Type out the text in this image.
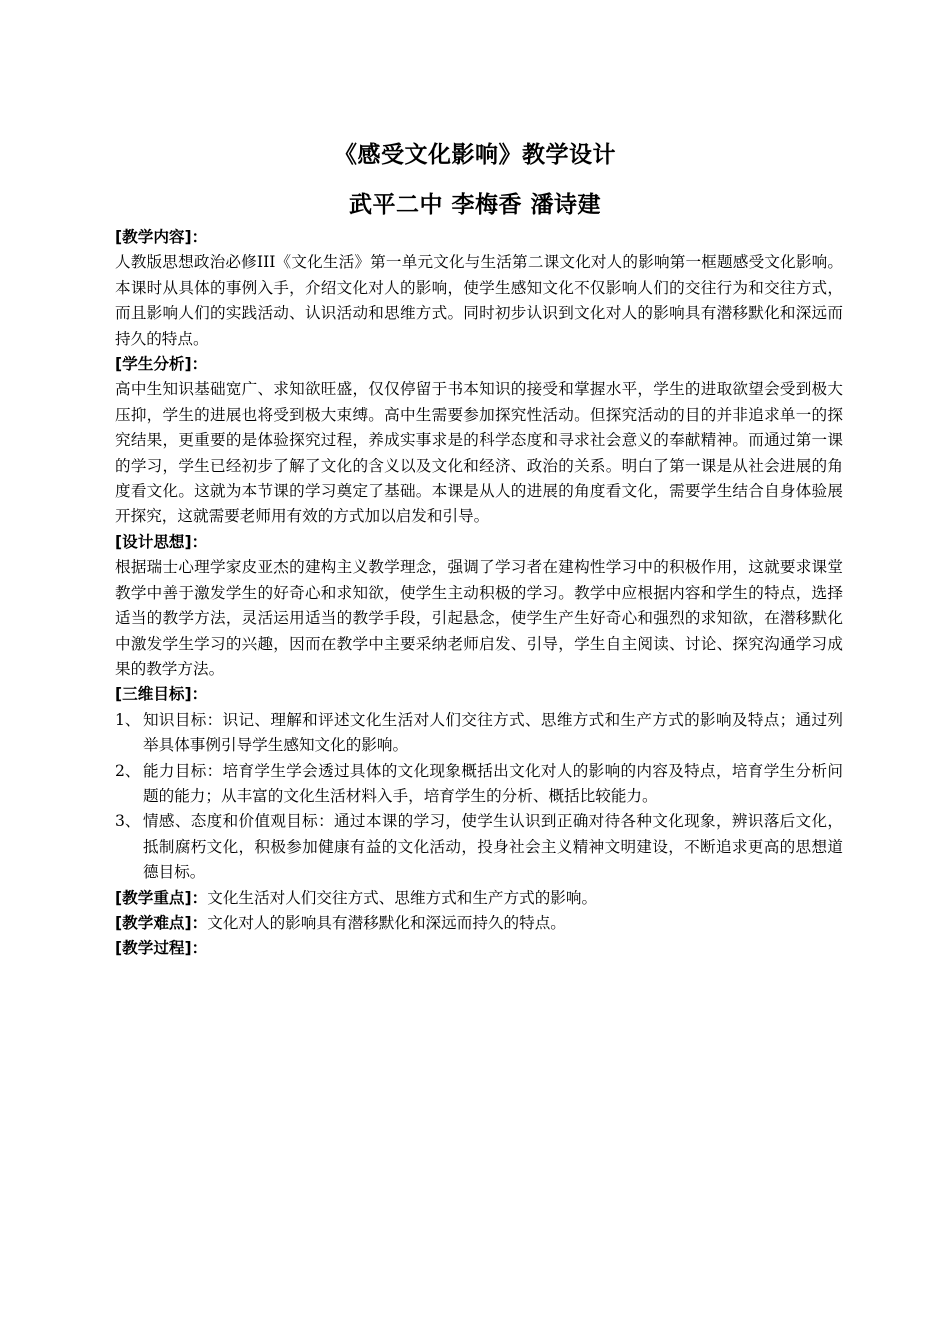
《感受文化影响》教学设计
武平二中 李梅香 潘诗建
[教学内容]：

人教版思想政治必修III《文化生活》第一单元文化与生活第二课文化对人的影响第一框题感受文化影响。本课时从具体的事例入手，介绍文化对人的影响，使学生感知文化不仅影响人们的交往行为和交往方式，而且影响人们的实践活动、认识活动和思维方式。同时初步认识到文化对人的影响具有潜移默化和深远而持久的特点。

[学生分析]：

高中生知识基础宽广、求知欲旺盛，仅仅停留于书本知识的接受和掌握水平，学生的进取欲望会受到极大压抑，学生的进展也将受到极大束缚。高中生需要参加探究性活动。但探究活动的目的并非追求单一的探究结果，更重要的是体验探究过程，养成实事求是的科学态度和寻求社会意义的奉献精神。而通过第一课的学习，学生已经初步了解了文化的含义以及文化和经济、政治的关系。明白了第一课是从社会进展的角度看文化。这就为本节课的学习奠定了基础。本课是从人的进展的角度看文化，需要学生结合自身体验展开探究，这就需要老师用有效的方式加以启发和引导。

[设计思想]：

根据瑞士心理学家皮亚杰的建构主义教学理念，强调了学习者在建构性学习中的积极作用，这就要求课堂教学中善于激发学生的好奇心和求知欲，使学生主动积极的学习。教学中应根据内容和学生的特点，选择适当的教学方法，灵活运用适当的教学手段，引起悬念，使学生产生好奇心和强烈的求知欲，在潜移默化中激发学生学习的兴趣，因而在教学中主要采纳老师启发、引导，学生自主阅读、讨论、探究沟通学习成果的教学方法。

[三维目标]：
1、 知识目标：识记、理解和评述文化生活对人们交往方式、思维方式和生产方式的影响及特点；通过列举具体事例引导学生感知文化的影响。
2、 能力目标：培育学生学会透过具体的文化现象概括出文化对人的影响的内容及特点，培育学生分析问题的能力；从丰富的文化生活材料入手，培育学生的分析、概括比较能力。
3、 情感、态度和价值观目标：通过本课的学习，使学生认识到正确对待各种文化现象，辨识落后文化，抵制腐朽文化，积极参加健康有益的文化活动，投身社会主义精神文明建设，不断追求更高的思想道德目标。

[教学重点]：文化生活对人们交往方式、思维方式和生产方式的影响。

[教学难点]：文化对人的影响具有潜移默化和深远而持久的特点。

[教学过程]：
